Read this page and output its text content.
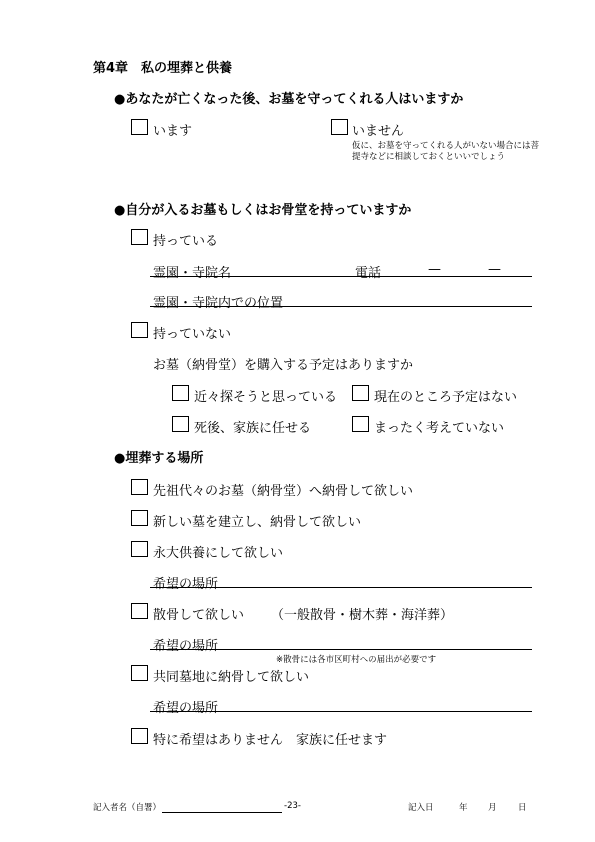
第4章　私の埋葬と供養
●あなたが亡くなった後、お墓を守ってくれる人はいますか
います	いません
仮に、お墓を守ってくれる人がいない場合には菩提寺などに相談しておくといいでしょう
●自分が入るお墓もしくはお骨堂を持っていますか
持っている
霊園・寺院名	電話	—	—
霊園・寺院内での位置
持っていない
お墓（納骨堂）を購入する予定はありますか
近々探そうと思っている	現在のところ予定はない
死後、家族に任せる	まったく考えていない
●埋葬する場所
先祖代々のお墓（納骨堂）へ納骨して欲しい
新しい墓を建立し、納骨して欲しい
永大供養にして欲しい
希望の場所
散骨して欲しい （一般散骨・樹木葬・海洋葬）
希望の場所
※散骨には各市区町村への届出が必要です
共同墓地に納骨して欲しい
希望の場所
特に希望はありません　家族に任せます
記入者名（自署）	-23-	記入日	年 月	日
